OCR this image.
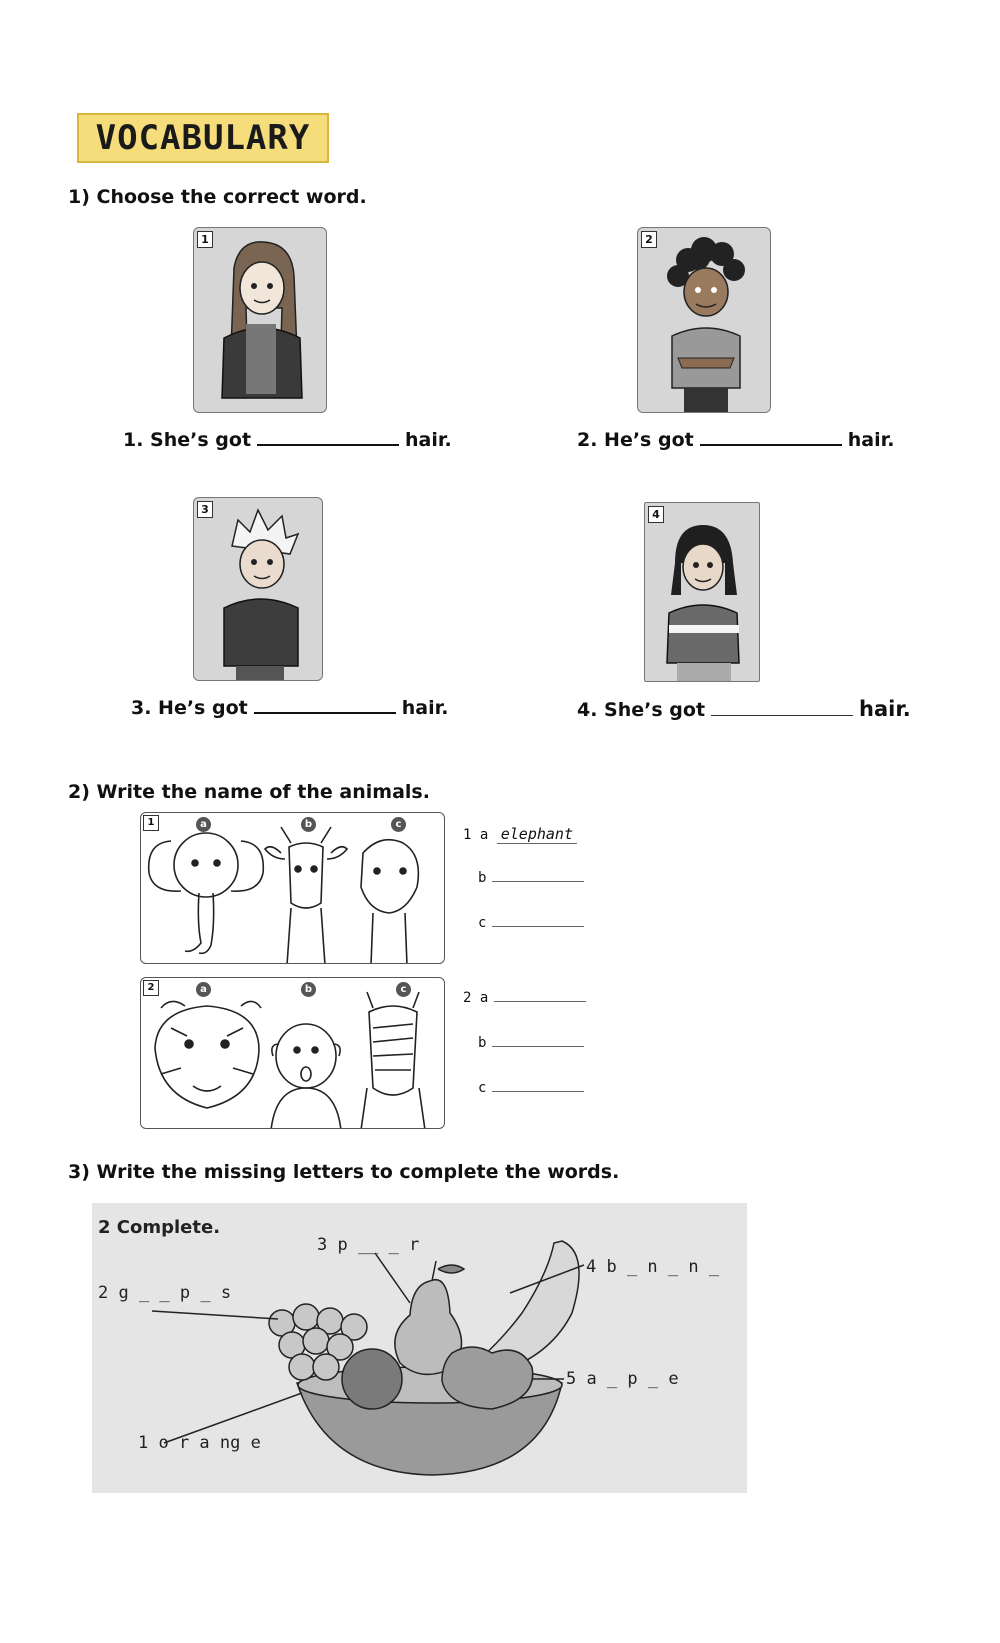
VOCABULARY
1) Choose the correct word.
1
1. She’s got	hair.
2
2. He’s got	hair.
3
3. He’s got	hair.
4
4. She’s got	hair.
2) Write the name of the animals.
1	a	b	c
2	a	b	c
1 a elephant
b
c
2 a
b
c
3) Write the missing letters to complete the words.
2 Complete.
3 p __ _ r
4 b _ n _ n _
2 g _ _ p _ s
5 a _ p _ e
1 o r a ng e
